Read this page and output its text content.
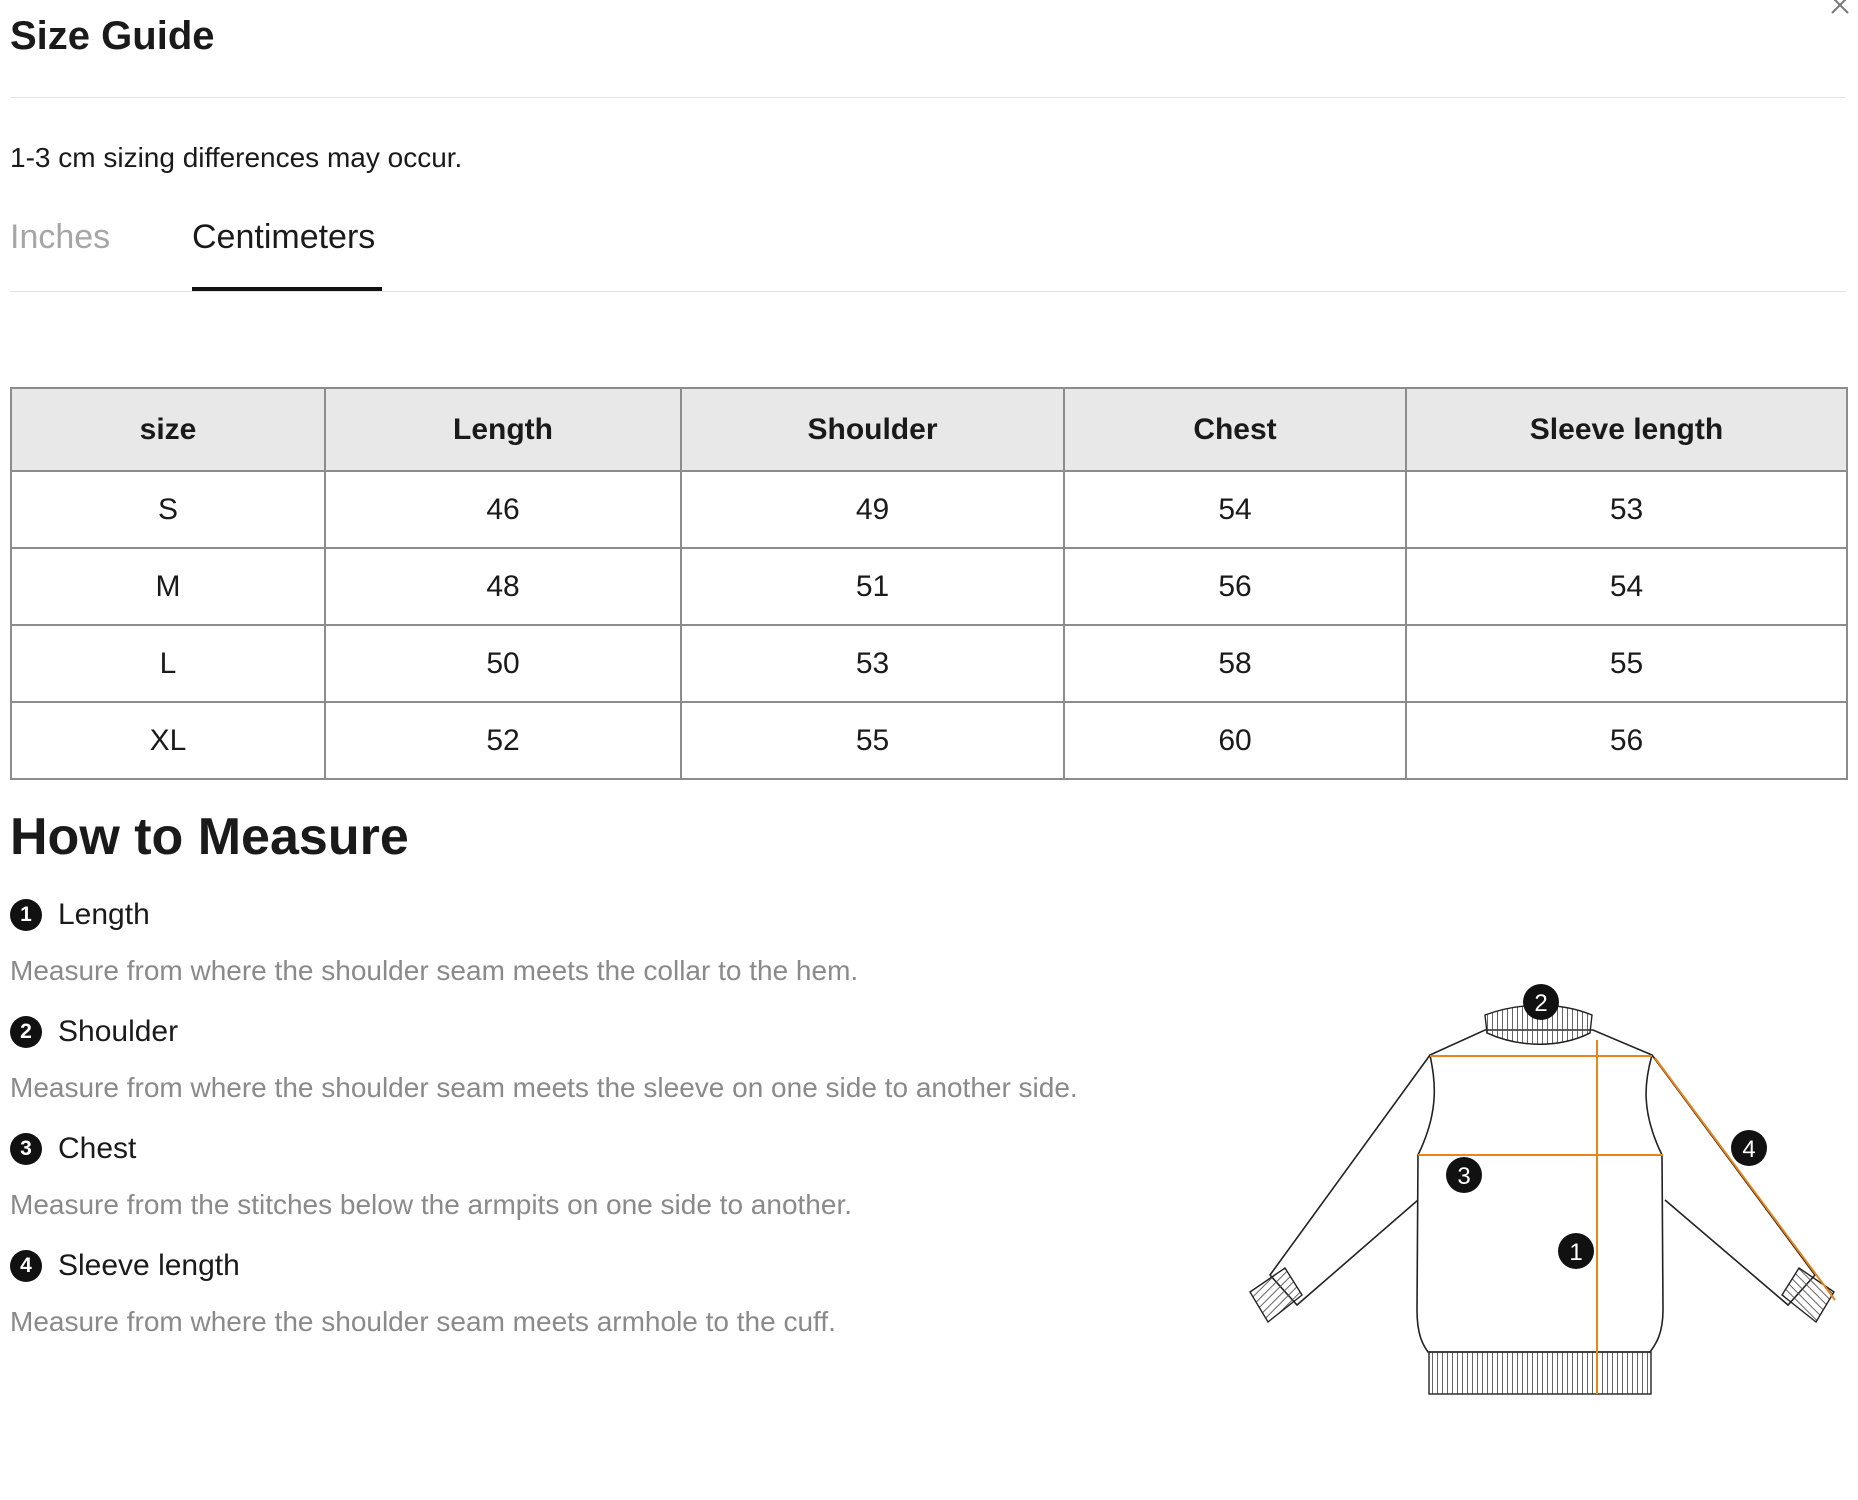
Size Guide

1-3 cm sizing differences may occur.

Inches Centimeters
size	Length	Shoulder	Chest	Sleeve length
S	46	49	54	53
M	48	51	56	54
L	50	53	58	55
XL	52	55	60	56
How to Measure
1 Length

Measure from where the shoulder seam meets the collar to the hem.

2 Shoulder

Measure from where the shoulder seam meets the sleeve on one side to another side.

3 Chest

Measure from the stitches below the armpits on one side to another.

4 Sleeve length

Measure from where the shoulder seam meets armhole to the cuff.

2
3
1
4
